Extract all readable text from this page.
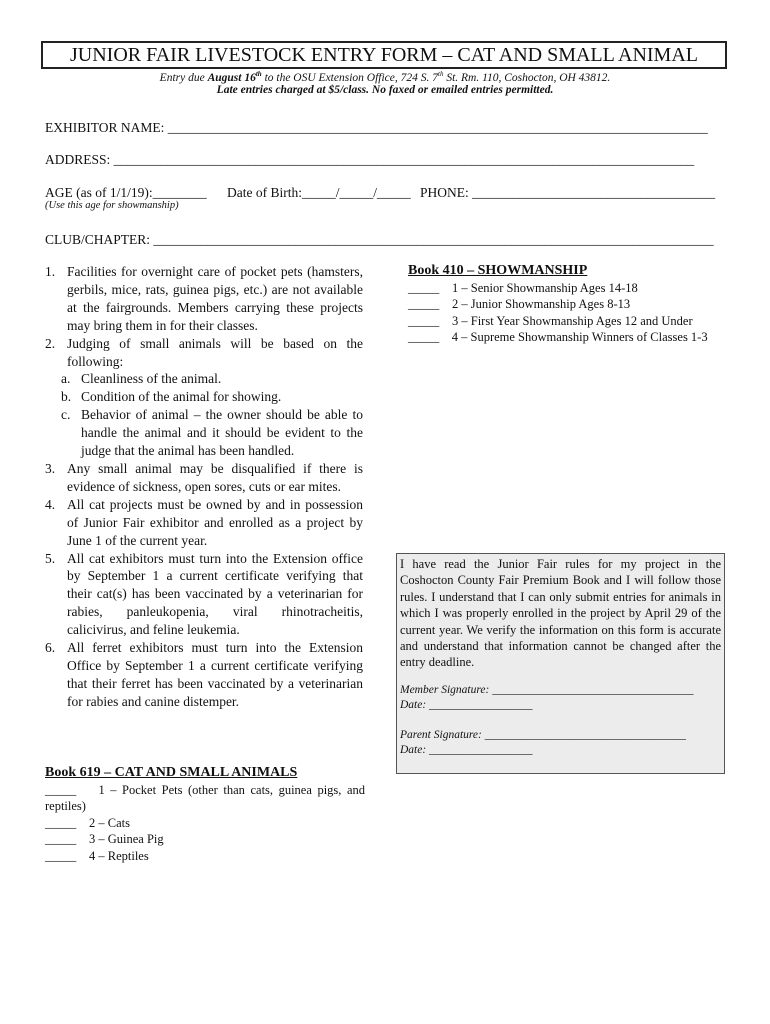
JUNIOR FAIR LIVESTOCK ENTRY FORM – CAT AND SMALL ANIMAL
Entry due August 16th to the OSU Extension Office, 724 S. 7th St. Rm. 110, Coshocton, OH 43812.
Late entries charged at $5/class. No faxed or emailed entries permitted.
EXHIBITOR NAME: ________________________________________________________________________________
ADDRESS: ______________________________________________________________________________________
AGE (as of 1/1/19):________ Date of Birth:_____/_____/_____ PHONE: ____________________________________
(Use this age for showmanship)
CLUB/CHAPTER: ___________________________________________________________________________________
1. Facilities for overnight care of pocket pets (hamsters, gerbils, mice, rats, guinea pigs, etc.) are not available at the fairgrounds. Members carrying these projects may bring them in for their classes.
2. Judging of small animals will be based on the following:
a. Cleanliness of the animal.
b. Condition of the animal for showing.
c. Behavior of animal – the owner should be able to handle the animal and it should be evident to the judge that the animal has been handled.
3. Any small animal may be disqualified if there is evidence of sickness, open sores, cuts or ear mites.
4. All cat projects must be owned by and in possession of Junior Fair exhibitor and enrolled as a project by June 1 of the current year.
5. All cat exhibitors must turn into the Extension office by September 1 a current certificate verifying that their cat(s) has been vaccinated by a veterinarian for rabies, panleukopenia, viral rhinotracheitis, calicivirus, and feline leukemia.
6. All ferret exhibitors must turn into the Extension Office by September 1 a current certificate verifying that their ferret has been vaccinated by a veterinarian for rabies and canine distemper.
Book 619 – CAT AND SMALL ANIMALS
_____ 1 – Pocket Pets (other than cats, guinea pigs, and reptiles)
_____	2 – Cats
_____	3 – Guinea Pig
_____	4 – Reptiles
Book 410 – SHOWMANSHIP
_____	1 – Senior Showmanship Ages 14-18
_____	2 – Junior Showmanship Ages 8-13
_____	3 – First Year Showmanship Ages 12 and Under
_____ 4 – Supreme Showmanship Winners of Classes 1-3
I have read the Junior Fair rules for my project in the Coshocton County Fair Premium Book and I will follow those rules. I understand that I can only submit entries for animals in which I was properly enrolled in the project by April 29 of the current year. We verify the information on this form is accurate and understand that information cannot be changed after the entry deadline.
Member Signature: ___________________________________
Date: __________________
Parent Signature: ___________________________________
Date: __________________
